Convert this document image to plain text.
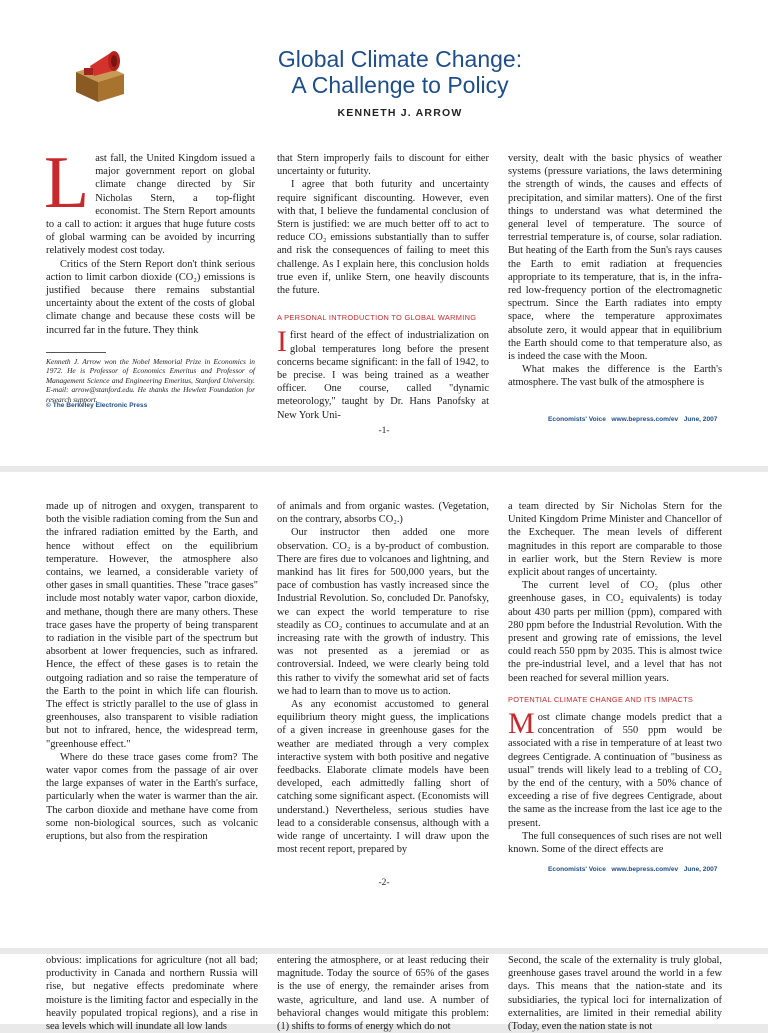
Global Climate Change:
A Challenge to Policy
KENNETH J. ARROW
L ast fall, the United Kingdom issued a major government report on global climate change directed by Sir Nicholas Stern, a top-flight economist. The Stern Report amounts to a call to action: it argues that huge future costs of global warming can be avoided by incurring relatively modest cost today.

Critics of the Stern Report don't think serious action to limit carbon dioxide (CO₂) emissions is justified because there remains substantial uncertainty about the extent of the costs of global climate change and because these costs will be incurred far in the future. They think

Kenneth J. Arrow won the Nobel Memorial Prize in Economics in 1972. He is Professor of Economics Emeritus and Professor of Management Science and Engineering Emeritus, Stanford University. E-mail: arrow@stanford.edu. He thanks the Hewlett Foundation for research support.
© The Berkeley Electronic Press

that Stern improperly fails to discount for either uncertainty or futurity.

I agree that both futurity and uncertainty require significant discounting. However, even with that, I believe the fundamental conclusion of Stern is justified: we are much better off to act to reduce CO₂ emissions substantially than to suffer and risk the consequences of failing to meet this challenge. As I explain here, this conclusion holds true even if, unlike Stern, one heavily discounts the future.

A PERSONAL INTRODUCTION TO GLOBAL WARMING
I first heard of the effect of industrialization on global temperatures long before the present concerns became significant: in the fall of 1942, to be precise. I was being trained as a weather officer. One course, called "dynamic meteorology," taught by Dr. Hans Panofsky at New York Uni-

versity, dealt with the basic physics of weather systems (pressure variations, the laws determining the strength of winds, the causes and effects of precipitation, and similar matters). One of the first things to understand was what determined the general level of temperature. The source of terrestrial temperature is, of course, solar radiation. But heating of the Earth from the Sun's rays causes the Earth to emit radiation at frequencies appropriate to its temperature, that is, in the infra-red low-frequency portion of the electromagnetic spectrum. Since the Earth radiates into empty space, where the temperature approximates absolute zero, it would appear that in equilibrium the Earth should come to that temperature also, as is indeed the case with the Moon.

What makes the difference is the Earth's atmosphere. The vast bulk of the atmosphere is

-1-
Economists' Voice www.bepress.com/ev June, 2007

made up of nitrogen and oxygen, transparent to both the visible radiation coming from the Sun and the infrared radiation emitted by the Earth, and hence without effect on the equilibrium temperature. However, the atmosphere also contains, we learned, a considerable variety of other gases in small quantities. These "trace gases" include most notably water vapor, carbon dioxide, and methane, though there are many others. These trace gases have the property of being transparent to radiation in the visible part of the spectrum but absorbent at lower frequencies, such as infrared. Hence, the effect of these gases is to retain the outgoing radiation and so raise the temperature of the Earth to the point in which life can flourish. The effect is strictly parallel to the use of glass in greenhouses, also transparent to visible radiation but not to infrared, hence, the widespread term, "greenhouse effect."

Where do these trace gases come from? The water vapor comes from the passage of air over the large expanses of water in the Earth's surface, particularly when the water is warmer than the air. The carbon dioxide and methane have come from some non-biological sources, such as volcanic eruptions, but also from the respiration

of animals and from organic wastes. (Vegetation, on the contrary, absorbs CO₂.)

Our instructor then added one more observation. CO₂ is a by-product of combustion. There are fires due to volcanoes and lightning, and mankind has lit fires for 500,000 years, but the pace of combustion has vastly increased since the Industrial Revolution. So, concluded Dr. Panofsky, we can expect the world temperature to rise steadily as CO₂ continues to accumulate and at an increasing rate with the growth of industry. This was not presented as a jeremiad or as controversial. Indeed, we were clearly being told this rather to vivify the somewhat arid set of facts we had to learn than to move us to action.

As any economist accustomed to general equilibrium theory might guess, the implications of a given increase in greenhouse gases for the weather are mediated through a very complex interactive system with both positive and negative feedbacks. Elaborate climate models have been developed, each admittedly falling short of catching some significant aspect. (Economists will understand.) Nevertheless, serious studies have lead to a considerable consensus, although with a wide range of uncertainty. I will draw upon the most recent report, prepared by

a team directed by Sir Nicholas Stern for the United Kingdom Prime Minister and Chancellor of the Exchequer. The mean levels of different magnitudes in this report are comparable to those in earlier work, but the Stern Review is more explicit about ranges of uncertainty.

The current level of CO₂ (plus other greenhouse gases, in CO₂ equivalents) is today about 430 parts per million (ppm), compared with 280 ppm before the Industrial Revolution. With the present and growing rate of emissions, the level could reach 550 ppm by 2035. This is almost twice the pre-industrial level, and a level that has not been reached for several million years.

POTENTIAL CLIMATE CHANGE AND ITS IMPACTS
M ost climate change models predict that a concentration of 550 ppm would be associated with a rise in temperature of at least two degrees Centigrade. A continuation of "business as usual" trends will likely lead to a trebling of CO₂ by the end of the century, with a 50% chance of exceeding a rise of five degrees Centigrade, about the same as the increase from the last ice age to the present.

The full consequences of such rises are not well known. Some of the direct effects are

Economists' Voice www.bepress.com/ev June, 2007
-2-

obvious: implications for agriculture (not all bad; productivity in Canada and northern Russia will rise, but negative effects predominate where moisture is the limiting factor and especially in the heavily populated tropical regions), and a rise in sea levels which will inundate all low lands

entering the atmosphere, or at least reducing their magnitude. Today the source of 65% of the gases is the use of energy, the remainder arises from waste, agriculture, and land use. A number of behavioral changes would mitigate this problem: (1) shifts to forms of energy which do not

Second, the scale of the externality is truly global, greenhouse gases travel around the world in a few days. This means that the nation-state and its subsidiaries, the typical loci for internalization of externalities, are limited in their remedial ability (Today, even the nation state is not
